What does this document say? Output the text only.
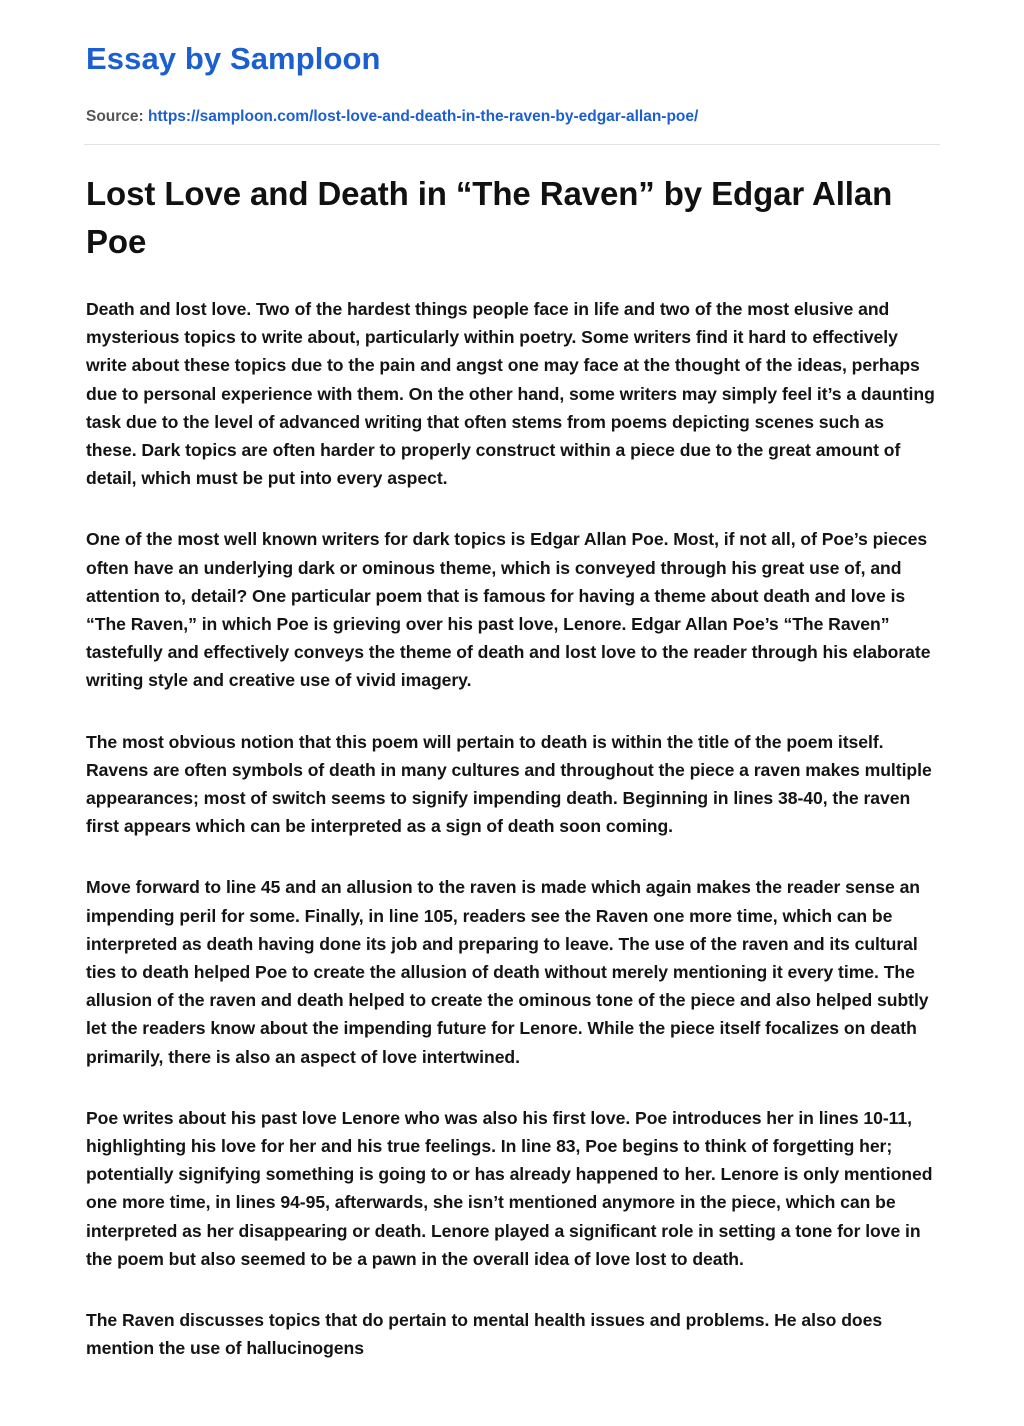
Essay by Samploon
Source: https://samploon.com/lost-love-and-death-in-the-raven-by-edgar-allan-poe/
Lost Love and Death in “The Raven” by Edgar Allan Poe

Death and lost love. Two of the hardest things people face in life and two of the most elusive and mysterious topics to write about, particularly within poetry. Some writers find it hard to effectively write about these topics due to the pain and angst one may face at the thought of the ideas, perhaps due to personal experience with them. On the other hand, some writers may simply feel it’s a daunting task due to the level of advanced writing that often stems from poems depicting scenes such as these. Dark topics are often harder to properly construct within a piece due to the great amount of detail, which must be put into every aspect.

One of the most well known writers for dark topics is Edgar Allan Poe. Most, if not all, of Poe’s pieces often have an underlying dark or ominous theme, which is conveyed through his great use of, and attention to, detail? One particular poem that is famous for having a theme about death and love is “The Raven,” in which Poe is grieving over his past love, Lenore. Edgar Allan Poe’s “The Raven” tastefully and effectively conveys the theme of death and lost love to the reader through his elaborate writing style and creative use of vivid imagery.

The most obvious notion that this poem will pertain to death is within the title of the poem itself. Ravens are often symbols of death in many cultures and throughout the piece a raven makes multiple appearances; most of switch seems to signify impending death. Beginning in lines 38-40, the raven first appears which can be interpreted as a sign of death soon coming.

Move forward to line 45 and an allusion to the raven is made which again makes the reader sense an impending peril for some. Finally, in line 105, readers see the Raven one more time, which can be interpreted as death having done its job and preparing to leave. The use of the raven and its cultural ties to death helped Poe to create the allusion of death without merely mentioning it every time. The allusion of the raven and death helped to create the ominous tone of the piece and also helped subtly let the readers know about the impending future for Lenore. While the piece itself focalizes on death primarily, there is also an aspect of love intertwined.

Poe writes about his past love Lenore who was also his first love. Poe introduces her in lines 10-11, highlighting his love for her and his true feelings. In line 83, Poe begins to think of forgetting her; potentially signifying something is going to or has already happened to her. Lenore is only mentioned one more time, in lines 94-95, afterwards, she isn’t mentioned anymore in the piece, which can be interpreted as her disappearing or death. Lenore played a significant role in setting a tone for love in the poem but also seemed to be a pawn in the overall idea of love lost to death.

The Raven discusses topics that do pertain to mental health issues and problems. He also does mention the use of hallucinogens
